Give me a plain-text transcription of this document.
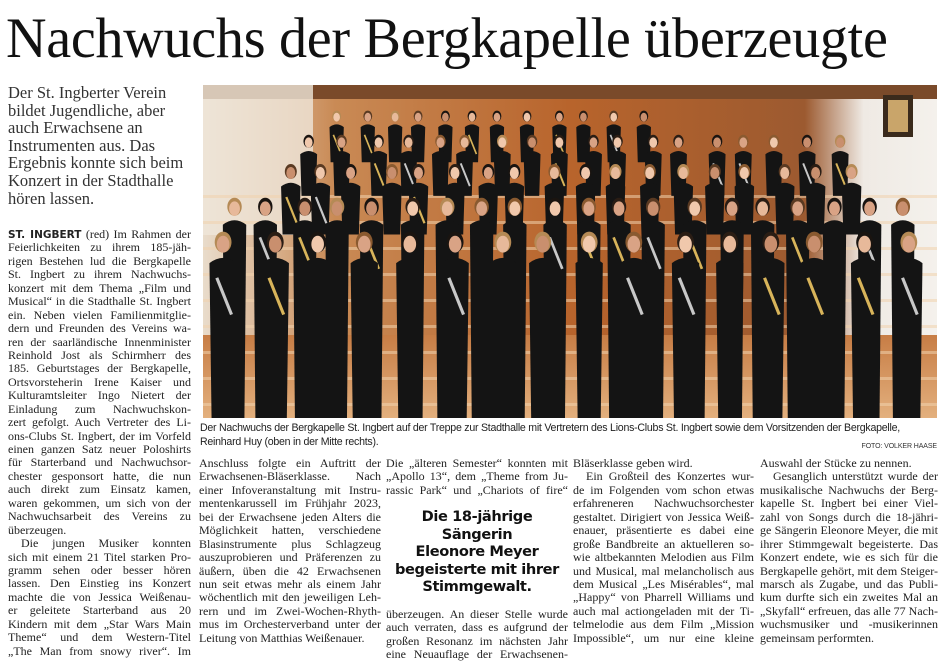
Nachwuchs der Bergkapelle überzeugte
Der St. Ingberter Verein
bildet Jugendliche, aber
auch Erwachsene an
Instrumenten aus. Das
Ergebnis konnte sich beim
Konzert in der Stadthalle
hören lassen.
Der Nachwuchs der Bergkapelle St. Ingbert auf der Treppe zur Stadthalle mit Vertretern des Lions-Clubs St. Ingbert sowie dem Vorsitzenden der Bergkapelle,
Reinhard Huy (oben in der Mitte rechts).	FOTO: VOLKER HAASE
ST. INGBERT (red) Im Rahmen der
Feierlichkeiten zu ihrem 185-jäh-
rigen Bestehen lud die Bergkapelle
St. Ingbert zu ihrem Nachwuchs-
konzert mit dem Thema „Film und
Musical“ in die Stadthalle St. Ingbert
ein. Neben vielen Familienmitglie-
dern und Freunden des Vereins wa-
ren der saarländische Innenminister
Reinhold Jost als Schirmherr des
185. Geburtstages der Bergkapelle,
Ortsvorsteherin Irene Kaiser und
Kulturamtsleiter Ingo Nietert der
Einladung zum Nachwuchskon-
zert gefolgt. Auch Vertreter des Li-
ons-Clubs St. Ingbert, der im Vorfeld
einen ganzen Satz neuer Poloshirts
für Starterband und Nachwuchsor-
chester gesponsort hatte, die nun
auch direkt zum Einsatz kamen,
waren gekommen, um sich von der
Nachwuchsarbeit des Vereins zu
überzeugen.
Die jungen Musiker konnten
sich mit einem 21 Titel starken Pro-
gramm sehen oder besser hören
lassen. Den Einstieg ins Konzert
machte die von Jessica Weißenau-
er geleitete Starterband aus 20
Kindern mit dem „Star Wars Main
Theme“ und dem Western-Titel
„The Man from snowy river“. Im
Anschluss folgte ein Auftritt der
Erwachsenen-Bläserklasse. Nach
einer Infoveranstaltung mit Instru-
mentenkarussell im Frühjahr 2023,
bei der Erwachsene jeden Alters die
Möglichkeit hatten, verschiedene
Blasinstrumente plus Schlagzeug
auszuprobieren und Präferenzen zu
äußern, üben die 42 Erwachsenen
nun seit etwas mehr als einem Jahr
wöchentlich mit den jeweiligen Leh-
rern und im Zwei-Wochen-Rhyth-
mus im Orchesterverband unter der
Leitung von Matthias Weißenauer.
Die „älteren Semester“ konnten mit
„Apollo 13“, dem „Theme from Ju-
rassic Park“ und „Chariots of fire“
Die 18-jährige Sängerin
Eleonore Meyer
begeisterte mit ihrer
Stimmgewalt.
überzeugen. An dieser Stelle wurde
auch verraten, dass es aufgrund der
großen Resonanz im nächsten Jahr
eine Neuauflage der Erwachsenen-
Bläserklasse geben wird.
Ein Großteil des Konzertes wur-
de im Folgenden vom schon etwas
erfahreneren Nachwuchsorchester
gestaltet. Dirigiert von Jessica Weiß-
enauer, präsentierte es dabei eine
große Bandbreite an aktuelleren so-
wie altbekannten Melodien aus Film
und Musical, mal melancholisch aus
dem Musical „Les Misérables“, mal
„Happy“ von Pharrell Williams und
auch mal actiongeladen mit der Ti-
telmelodie aus dem Film „Mission
Impossible“, um nur eine kleine
Auswahl der Stücke zu nennen.
Gesanglich unterstützt wurde der
musikalische Nachwuchs der Berg-
kapelle St. Ingbert bei einer Viel-
zahl von Songs durch die 18-jähri-
ge Sängerin Eleonore Meyer, die mit
ihrer Stimmgewalt begeisterte. Das
Konzert endete, wie es sich für die
Bergkapelle gehört, mit dem Steiger-
marsch als Zugabe, und das Publi-
kum durfte sich ein zweites Mal an
„Skyfall“ erfreuen, das alle 77 Nach-
wuchsmusiker und -musikerinnen
gemeinsam performten.
